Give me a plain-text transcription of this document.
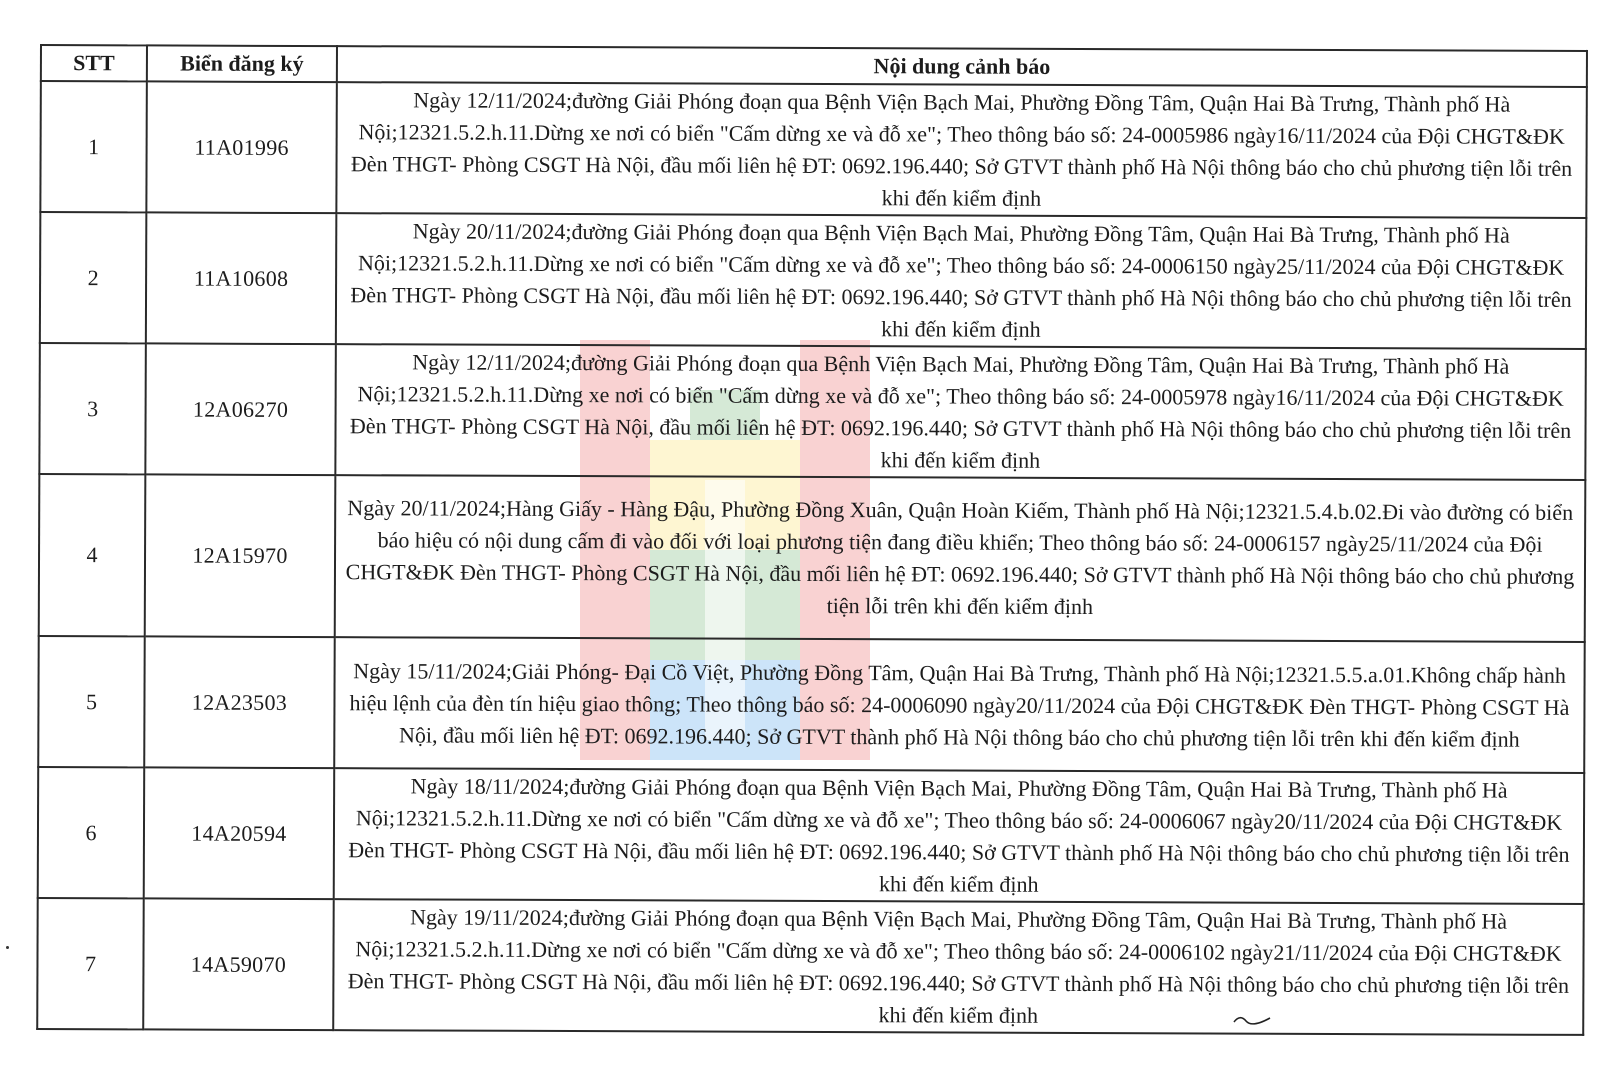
STT	Biển đăng ký	Nội dung cảnh báo
1	11A01996	Ngày 12/11/2024;đường Giải Phóng đoạn qua Bệnh Viện Bạch Mai, Phường Đồng Tâm, Quận Hai Bà Trưng, Thành phố Hà Nội;12321.5.2.h.11.Dừng xe nơi có biển "Cấm dừng xe và đỗ xe"; Theo thông báo số: 24-0005986 ngày16/11/2024 của Đội CHGT&ĐK Đèn THGT- Phòng CSGT Hà Nội, đầu mối liên hệ ĐT: 0692.196.440; Sở GTVT thành phố Hà Nội thông báo cho chủ phương tiện lỗi trên khi đến kiểm định
2	11A10608	Ngày 20/11/2024;đường Giải Phóng đoạn qua Bệnh Viện Bạch Mai, Phường Đồng Tâm, Quận Hai Bà Trưng, Thành phố Hà Nội;12321.5.2.h.11.Dừng xe nơi có biển "Cấm dừng xe và đỗ xe"; Theo thông báo số: 24-0006150 ngày25/11/2024 của Đội CHGT&ĐK Đèn THGT- Phòng CSGT Hà Nội, đầu mối liên hệ ĐT: 0692.196.440; Sở GTVT thành phố Hà Nội thông báo cho chủ phương tiện lỗi trên khi đến kiểm định
3	12A06270	Ngày 12/11/2024;đường Giải Phóng đoạn qua Bệnh Viện Bạch Mai, Phường Đồng Tâm, Quận Hai Bà Trưng, Thành phố Hà Nội;12321.5.2.h.11.Dừng xe nơi có biển "Cấm dừng xe và đỗ xe"; Theo thông báo số: 24-0005978 ngày16/11/2024 của Đội CHGT&ĐK Đèn THGT- Phòng CSGT Hà Nội, đầu mối liên hệ ĐT: 0692.196.440; Sở GTVT thành phố Hà Nội thông báo cho chủ phương tiện lỗi trên khi đến kiểm định
4	12A15970	Ngày 20/11/2024;Hàng Giấy - Hàng Đậu, Phường Đồng Xuân, Quận Hoàn Kiếm, Thành phố Hà Nội;12321.5.4.b.02.Đi vào đường có biển báo hiệu có nội dung cấm đi vào đối với loại phương tiện đang điều khiển; Theo thông báo số: 24-0006157 ngày25/11/2024 của Đội CHGT&ĐK Đèn THGT- Phòng CSGT Hà Nội, đầu mối liên hệ ĐT: 0692.196.440; Sở GTVT thành phố Hà Nội thông báo cho chủ phương tiện lỗi trên khi đến kiểm định
5	12A23503	Ngày 15/11/2024;Giải Phóng- Đại Cồ Việt, Phường Đồng Tâm, Quận Hai Bà Trưng, Thành phố Hà Nội;12321.5.5.a.01.Không chấp hành hiệu lệnh của đèn tín hiệu giao thông; Theo thông báo số: 24-0006090 ngày20/11/2024 của Đội CHGT&ĐK Đèn THGT- Phòng CSGT Hà Nội, đầu mối liên hệ ĐT: 0692.196.440; Sở GTVT thành phố Hà Nội thông báo cho chủ phương tiện lỗi trên khi đến kiểm định
6	14A20594	Ngày 18/11/2024;đường Giải Phóng đoạn qua Bệnh Viện Bạch Mai, Phường Đồng Tâm, Quận Hai Bà Trưng, Thành phố Hà Nội;12321.5.2.h.11.Dừng xe nơi có biển "Cấm dừng xe và đỗ xe"; Theo thông báo số: 24-0006067 ngày20/11/2024 của Đội CHGT&ĐK Đèn THGT- Phòng CSGT Hà Nội, đầu mối liên hệ ĐT: 0692.196.440; Sở GTVT thành phố Hà Nội thông báo cho chủ phương tiện lỗi trên khi đến kiểm định
7	14A59070	Ngày 19/11/2024;đường Giải Phóng đoạn qua Bệnh Viện Bạch Mai, Phường Đồng Tâm, Quận Hai Bà Trưng, Thành phố Hà Nội;12321.5.2.h.11.Dừng xe nơi có biển "Cấm dừng xe và đỗ xe"; Theo thông báo số: 24-0006102 ngày21/11/2024 của Đội CHGT&ĐK Đèn THGT- Phòng CSGT Hà Nội, đầu mối liên hệ ĐT: 0692.196.440; Sở GTVT thành phố Hà Nội thông báo cho chủ phương tiện lỗi trên khi đến kiểm định
